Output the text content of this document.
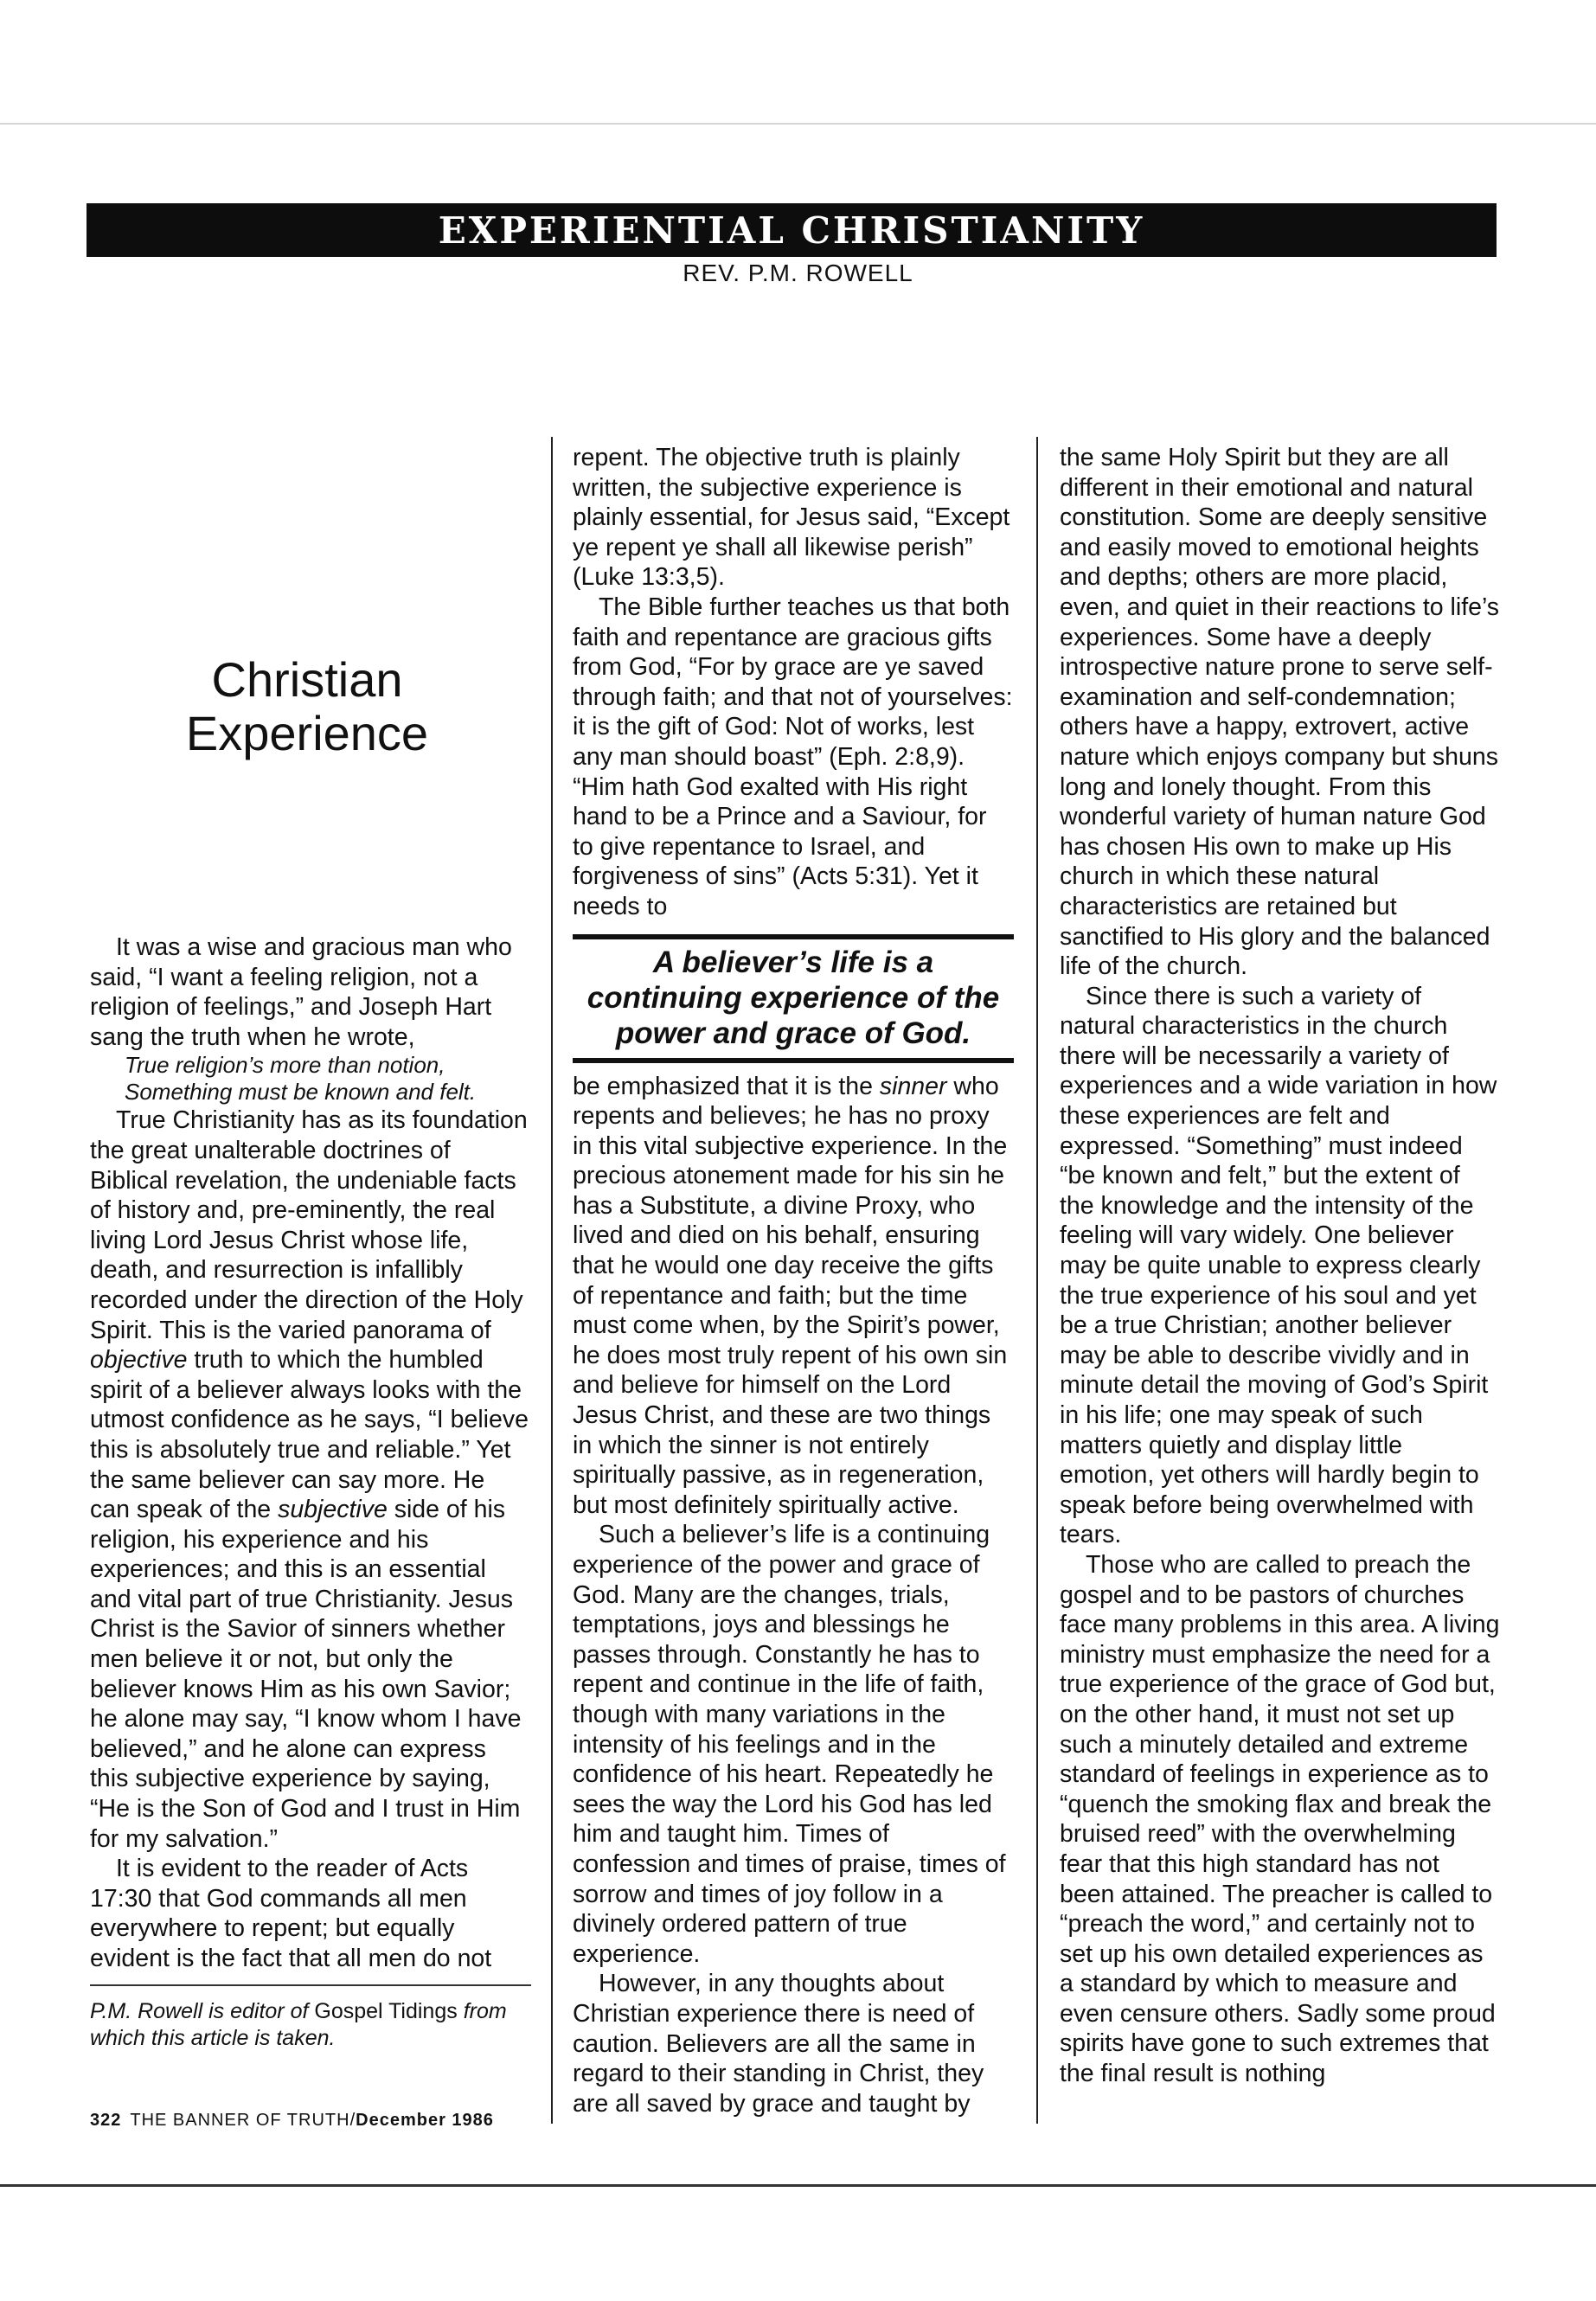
EXPERIENTIAL CHRISTIANITY
REV. P.M. ROWELL
Christian Experience

It was a wise and gracious man who said, “I want a feeling religion, not a religion of feelings,” and Joseph Hart sang the truth when he wrote,

True religion’s more than notion,

Something must be known and felt.

True Christianity has as its foundation the great unalterable doctrines of Biblical revelation, the undeniable facts of history and, pre-eminently, the real living Lord Jesus Christ whose life, death, and resurrection is infallibly recorded under the direction of the Holy Spirit. This is the varied panorama of objective truth to which the humbled spirit of a believer always looks with the utmost confidence as he says, “I believe this is absolutely true and reliable.” Yet the same believer can say more. He can speak of the subjective side of his religion, his experience and his experiences; and this is an essential and vital part of true Christianity. Jesus Christ is the Savior of sinners whether men believe it or not, but only the believer knows Him as his own Savior; he alone may say, “I know whom I have believed,” and he alone can express this subjective experience by saying, “He is the Son of God and I trust in Him for my salvation.”

It is evident to the reader of Acts 17:30 that God commands all men everywhere to repent; but equally evident is the fact that all men do not

P.M. Rowell is editor of Gospel Tidings from which this article is taken.

repent. The objective truth is plainly written, the subjective experience is plainly essential, for Jesus said, “Except ye repent ye shall all likewise perish” (Luke 13:3,5).

The Bible further teaches us that both faith and repentance are gracious gifts from God, “For by grace are ye saved through faith; and that not of yourselves: it is the gift of God: Not of works, lest any man should boast” (Eph. 2:8,9). “Him hath God exalted with His right hand to be a Prince and a Saviour, for to give repentance to Israel, and forgiveness of sins” (Acts 5:31). Yet it needs to

A believer’s life is a continuing experience of the power and grace of God.

be emphasized that it is the sinner who repents and believes; he has no proxy in this vital subjective experience. In the precious atonement made for his sin he has a Substitute, a divine Proxy, who lived and died on his behalf, ensuring that he would one day receive the gifts of repentance and faith; but the time must come when, by the Spirit’s power, he does most truly repent of his own sin and believe for himself on the Lord Jesus Christ, and these are two things in which the sinner is not entirely spiritually passive, as in regeneration, but most definitely spiritually active.

Such a believer’s life is a continuing experience of the power and grace of God. Many are the changes, trials, temptations, joys and blessings he passes through. Constantly he has to repent and continue in the life of faith, though with many variations in the intensity of his feelings and in the confidence of his heart. Repeatedly he sees the way the Lord his God has led him and taught him. Times of confession and times of praise, times of sorrow and times of joy follow in a divinely ordered pattern of true experience.

However, in any thoughts about Christian experience there is need of caution. Believers are all the same in regard to their standing in Christ, they are all saved by grace and taught by

the same Holy Spirit but they are all different in their emotional and natural constitution. Some are deeply sensitive and easily moved to emotional heights and depths; others are more placid, even, and quiet in their reactions to life’s experiences. Some have a deeply introspective nature prone to serve self-examination and self-condemnation; others have a happy, extrovert, active nature which enjoys company but shuns long and lonely thought. From this wonderful variety of human nature God has chosen His own to make up His church in which these natural characteristics are retained but sanctified to His glory and the balanced life of the church.

Since there is such a variety of natural characteristics in the church there will be necessarily a variety of experiences and a wide variation in how these experiences are felt and expressed. “Something” must indeed “be known and felt,” but the extent of the knowledge and the intensity of the feeling will vary widely. One believer may be quite unable to express clearly the true experience of his soul and yet be a true Christian; another believer may be able to describe vividly and in minute detail the moving of God’s Spirit in his life; one may speak of such matters quietly and display little emotion, yet others will hardly begin to speak before being overwhelmed with tears.

Those who are called to preach the gospel and to be pastors of churches face many problems in this area. A living ministry must emphasize the need for a true experience of the grace of God but, on the other hand, it must not set up such a minutely detailed and extreme standard of feelings in experience as to “quench the smoking flax and break the bruised reed” with the overwhelming fear that this high standard has not been attained. The preacher is called to “preach the word,” and certainly not to set up his own detailed experiences as a standard by which to measure and even censure others. Sadly some proud spirits have gone to such extremes that the final result is nothing

322 THE BANNER OF TRUTH/December 1986
